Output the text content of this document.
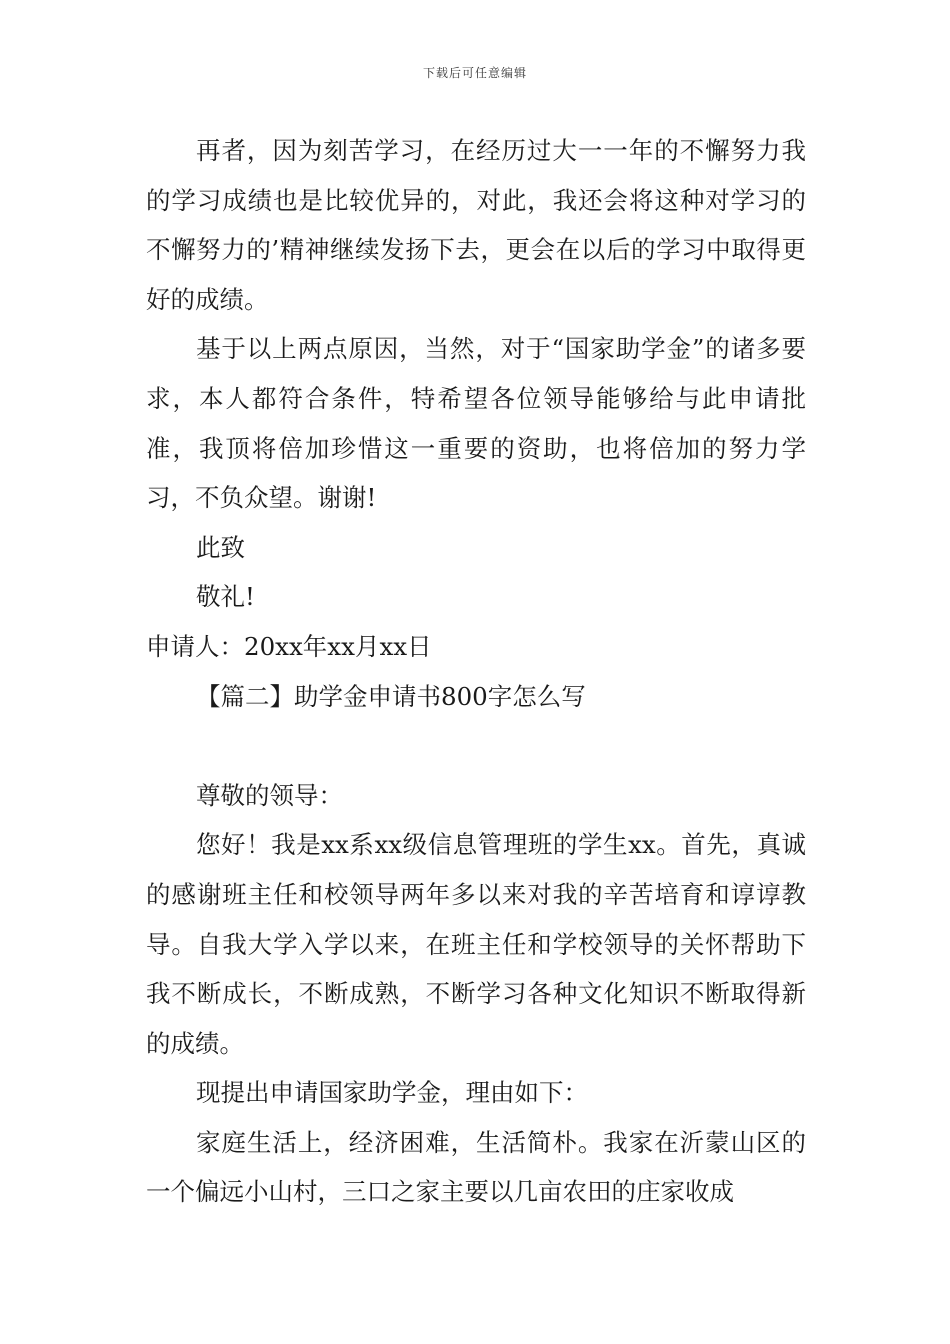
下载后可任意编辑

再者，因为刻苦学习，在经历过大一一年的不懈努力我的学习成绩也是比较优异的，对此，我还会将这种对学习的不懈努力的’精神继续发扬下去，更会在以后的学习中取得更好的成绩。

基于以上两点原因，当然，对于“国家助学金”的诸多要求，本人都符合条件，特希望各位领导能够给与此申请批准，我顶将倍加珍惜这一重要的资助，也将倍加的努力学习，不负众望。谢谢!

此致

敬礼!

申请人：20xx年xx月xx日

【篇二】助学金申请书800字怎么写

尊敬的领导：

您好！我是xx系xx级信息管理班的学生xx。首先，真诚的感谢班主任和校领导两年多以来对我的辛苦培育和谆谆教导。自我大学入学以来，在班主任和学校领导的关怀帮助下我不断成长，不断成熟，不断学习各种文化知识不断取得新的成绩。

现提出申请国家助学金，理由如下：

家庭生活上，经济困难，生活简朴。我家在沂蒙山区的一个偏远小山村，三口之家主要以几亩农田的庄家收成
